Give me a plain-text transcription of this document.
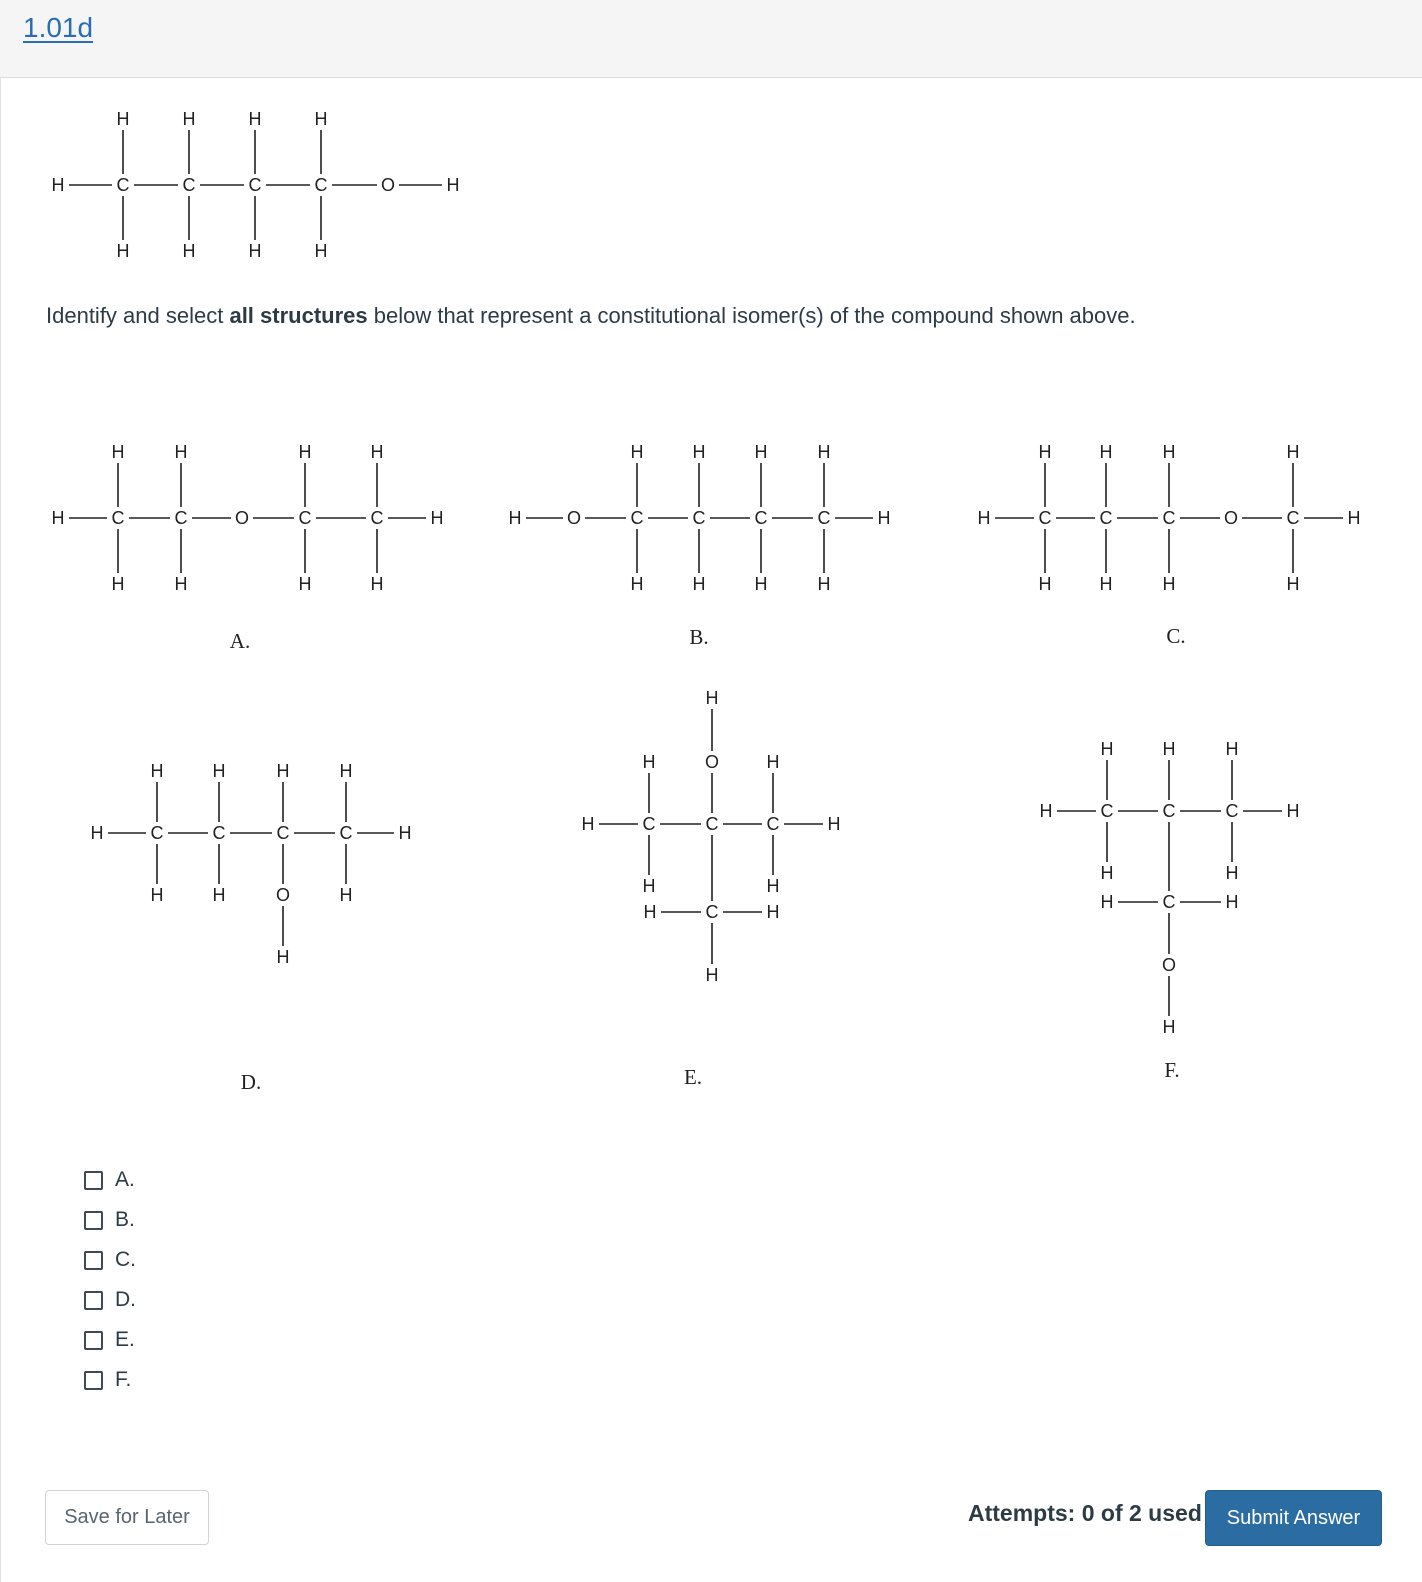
1.01d
H	C	C	C	C	O	H
H
H
H
H
H
H
H
H
H	C	C	O	C	C	H
H
H
H
H
H
H
H
H
H	O	C	C	C	C	H
H
H
H
H
H
H
H
H
H	C	C	C	O	C	H
H
H
H
H
H
H
H
H
H	C	C	C	C	H
H	H	H	H
H	H	O	H
H
H	C	C	C	H
H	O
H
H
H	H
C
H	H
H
H	C	C	C	H
H	H	H
H	H
C
H	H
O
H
A.	B.	C.
D.	E.	F.
Identify and select all structures below that represent a constitutional isomer(s) of the compound shown above.
A.
B.
C.
D.
E.
F.
Save for Later	Attempts: 0 of 2 used	Submit Answer
